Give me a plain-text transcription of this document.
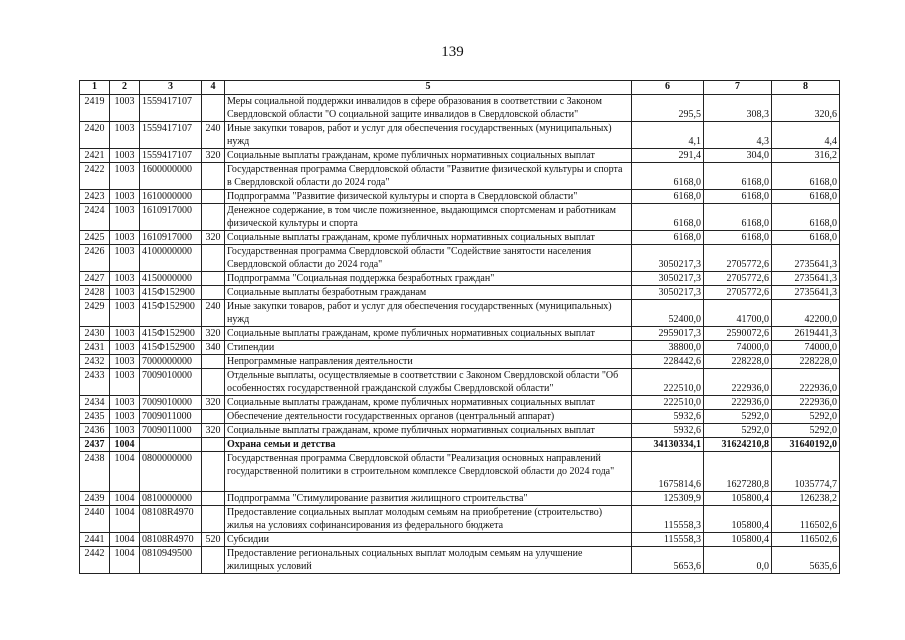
139
1	2	3	4	5	6	7	8
2419	1003	1559417107		Меры социальной поддержки инвалидов в сфере образования в соответствии с Законом Свердловской области "О социальной защите инвалидов в Свердловской области"	295,5	308,3	320,6
2420	1003	1559417107	240	Иные закупки товаров, работ и услуг для обеспечения государственных (муниципальных) нужд	4,1	4,3	4,4
2421	1003	1559417107	320	Социальные выплаты гражданам, кроме публичных нормативных социальных выплат	291,4	304,0	316,2
2422	1003	1600000000		Государственная программа Свердловской области "Развитие физической культуры и спорта в Свердловской области до 2024 года"	6168,0	6168,0	6168,0
2423	1003	1610000000		Подпрограмма "Развитие физической культуры и спорта в Свердловской области"	6168,0	6168,0	6168,0
2424	1003	1610917000		Денежное содержание, в том числе пожизненное, выдающимся спортсменам и работникам физической культуры и спорта	6168,0	6168,0	6168,0
2425	1003	1610917000	320	Социальные выплаты гражданам, кроме публичных нормативных социальных выплат	6168,0	6168,0	6168,0
2426	1003	4100000000		Государственная программа Свердловской области "Содействие занятости населения Свердловской области до 2024 года"	3050217,3	2705772,6	2735641,3
2427	1003	4150000000		Подпрограмма "Социальная поддержка безработных граждан"	3050217,3	2705772,6	2735641,3
2428	1003	415Ф152900		Социальные выплаты безработным гражданам	3050217,3	2705772,6	2735641,3
2429	1003	415Ф152900	240	Иные закупки товаров, работ и услуг для обеспечения государственных (муниципальных) нужд	52400,0	41700,0	42200,0
2430	1003	415Ф152900	320	Социальные выплаты гражданам, кроме публичных нормативных социальных выплат	2959017,3	2590072,6	2619441,3
2431	1003	415Ф152900	340	Стипендии	38800,0	74000,0	74000,0
2432	1003	7000000000		Непрограммные направления деятельности	228442,6	228228,0	228228,0
2433	1003	7009010000		Отдельные выплаты, осуществляемые в соответствии с Законом Свердловской области "Об особенностях государственной гражданской службы Свердловской области"	222510,0	222936,0	222936,0
2434	1003	7009010000	320	Социальные выплаты гражданам, кроме публичных нормативных социальных выплат	222510,0	222936,0	222936,0
2435	1003	7009011000		Обеспечение деятельности государственных органов (центральный аппарат)	5932,6	5292,0	5292,0
2436	1003	7009011000	320	Социальные выплаты гражданам, кроме публичных нормативных социальных выплат	5932,6	5292,0	5292,0
2437	1004			Охрана семьи и детства	34130334,1	31624210,8	31640192,0
2438	1004	0800000000		Государственная программа Свердловской области "Реализация основных направлений государственной политики в строительном комплексе Свердловской области до 2024 года"	1675814,6	1627280,8	1035774,7
2439	1004	0810000000		Подпрограмма "Стимулирование развития жилищного строительства"	125309,9	105800,4	126238,2
2440	1004	08108R4970		Предоставление социальных выплат молодым семьям на приобретение (строительство) жилья на условиях софинансирования из федерального бюджета	115558,3	105800,4	116502,6
2441	1004	08108R4970	520	Субсидии	115558,3	105800,4	116502,6
2442	1004	0810949500		Предоставление региональных социальных выплат молодым семьям на улучшение жилищных условий	5653,6	0,0	5635,6
